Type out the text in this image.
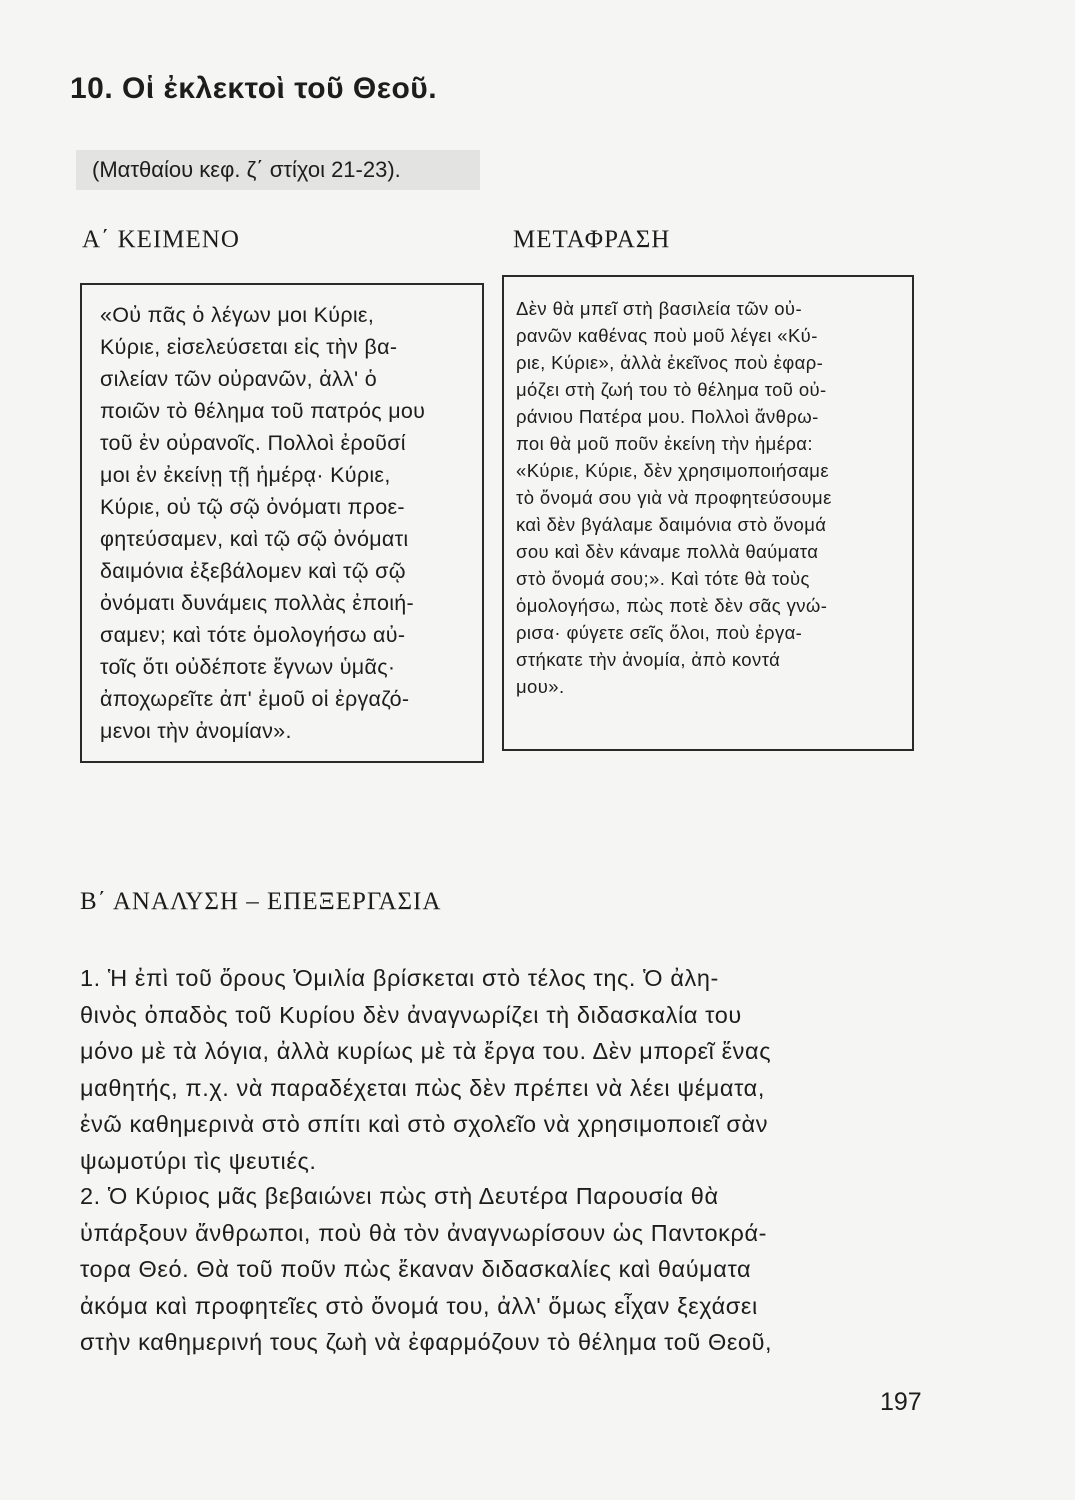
10. Οἱ ἐκλεκτοὶ τοῦ Θεοῦ.
(Ματθαίου κεφ. ζ΄ στίχοι 21-23).
Α΄ ΚΕΙΜΕΝΟ	ΜΕΤΑΦΡΑΣΗ
«Οὐ πᾶς ὁ λέγων μοι Κύριε,
Κύριε, εἰσελεύσεται εἰς τὴν βα-
σιλείαν τῶν οὐρανῶν, ἀλλ' ὁ
ποιῶν τὸ θέλημα τοῦ πατρός μου
τοῦ ἐν οὐρανοῖς. Πολλοὶ ἐροῦσί
μοι ἐν ἐκείνῃ τῇ ἡμέρᾳ· Κύριε,
Κύριε, οὐ τῷ σῷ ὀνόματι προε-
φητεύσαμεν, καὶ τῷ σῷ ὀνόματι
δαιμόνια ἐξεβάλομεν καὶ τῷ σῷ
ὀνόματι δυνάμεις πολλὰς ἐποιή-
σαμεν; καὶ τότε ὁμολογήσω αὐ-
τοῖς ὅτι οὐδέποτε ἔγνων ὑμᾶς·
ἀποχωρεῖτε ἀπ' ἐμοῦ οἱ ἐργαζό-
μενοι τὴν ἀνομίαν».
Δὲν θὰ μπεῖ στὴ βασιλεία τῶν οὐ-
ρανῶν καθένας ποὺ μοῦ λέγει «Κύ-
ριε, Κύριε», ἀλλὰ ἐκεῖνος ποὺ ἐφαρ-
μόζει στὴ ζωή του τὸ θέλημα τοῦ οὐ-
ράνιου Πατέρα μου. Πολλοὶ ἄνθρω-
ποι θὰ μοῦ ποῦν ἐκείνη τὴν ἡμέρα:
«Κύριε, Κύριε, δὲν χρησιμοποιήσαμε
τὸ ὄνομά σου γιὰ νὰ προφητεύσουμε
καὶ δὲν βγάλαμε δαιμόνια στὸ ὄνομά
σου καὶ δὲν κάναμε πολλὰ θαύματα
στὸ ὄνομά σου;». Καὶ τότε θὰ τοὺς
ὁμολογήσω, πὼς ποτὲ δὲν σᾶς γνώ-
ρισα· φύγετε σεῖς ὅλοι, ποὺ ἐργα-
στήκατε τὴν ἀνομία, ἀπὸ κοντά
μου».
Β΄ ΑΝΑΛΥΣΗ – ΕΠΕΞΕΡΓΑΣΙΑ
1. Ἡ ἐπὶ τοῦ ὄρους Ὁμιλία βρίσκεται στὸ τέλος της. Ὁ ἀλη-
θινὸς ὀπαδὸς τοῦ Κυρίου δὲν ἀναγνωρίζει τὴ διδασκαλία του
μόνο μὲ τὰ λόγια, ἀλλὰ κυρίως μὲ τὰ ἔργα του. Δὲν μπορεῖ ἕνας
μαθητής, π.χ. νὰ παραδέχεται πὼς δὲν πρέπει νὰ λέει ψέματα,
ἐνῶ καθημερινὰ στὸ σπίτι καὶ στὸ σχολεῖο νὰ χρησιμοποιεῖ σὰν
ψωμοτύρι τὶς ψευτιές.
2. Ὁ Κύριος μᾶς βεβαιώνει πὼς στὴ Δευτέρα Παρουσία θὰ
ὑπάρξουν ἄνθρωποι, ποὺ θὰ τὸν ἀναγνωρίσουν ὡς Παντοκρά-
τορα Θεό. Θὰ τοῦ ποῦν πὼς ἔκαναν διδασκαλίες καὶ θαύματα
ἀκόμα καὶ προφητεῖες στὸ ὄνομά του, ἀλλ' ὅμως εἶχαν ξεχάσει
στὴν καθημερινή τους ζωὴ νὰ ἐφαρμόζουν τὸ θέλημα τοῦ Θεοῦ,
197
